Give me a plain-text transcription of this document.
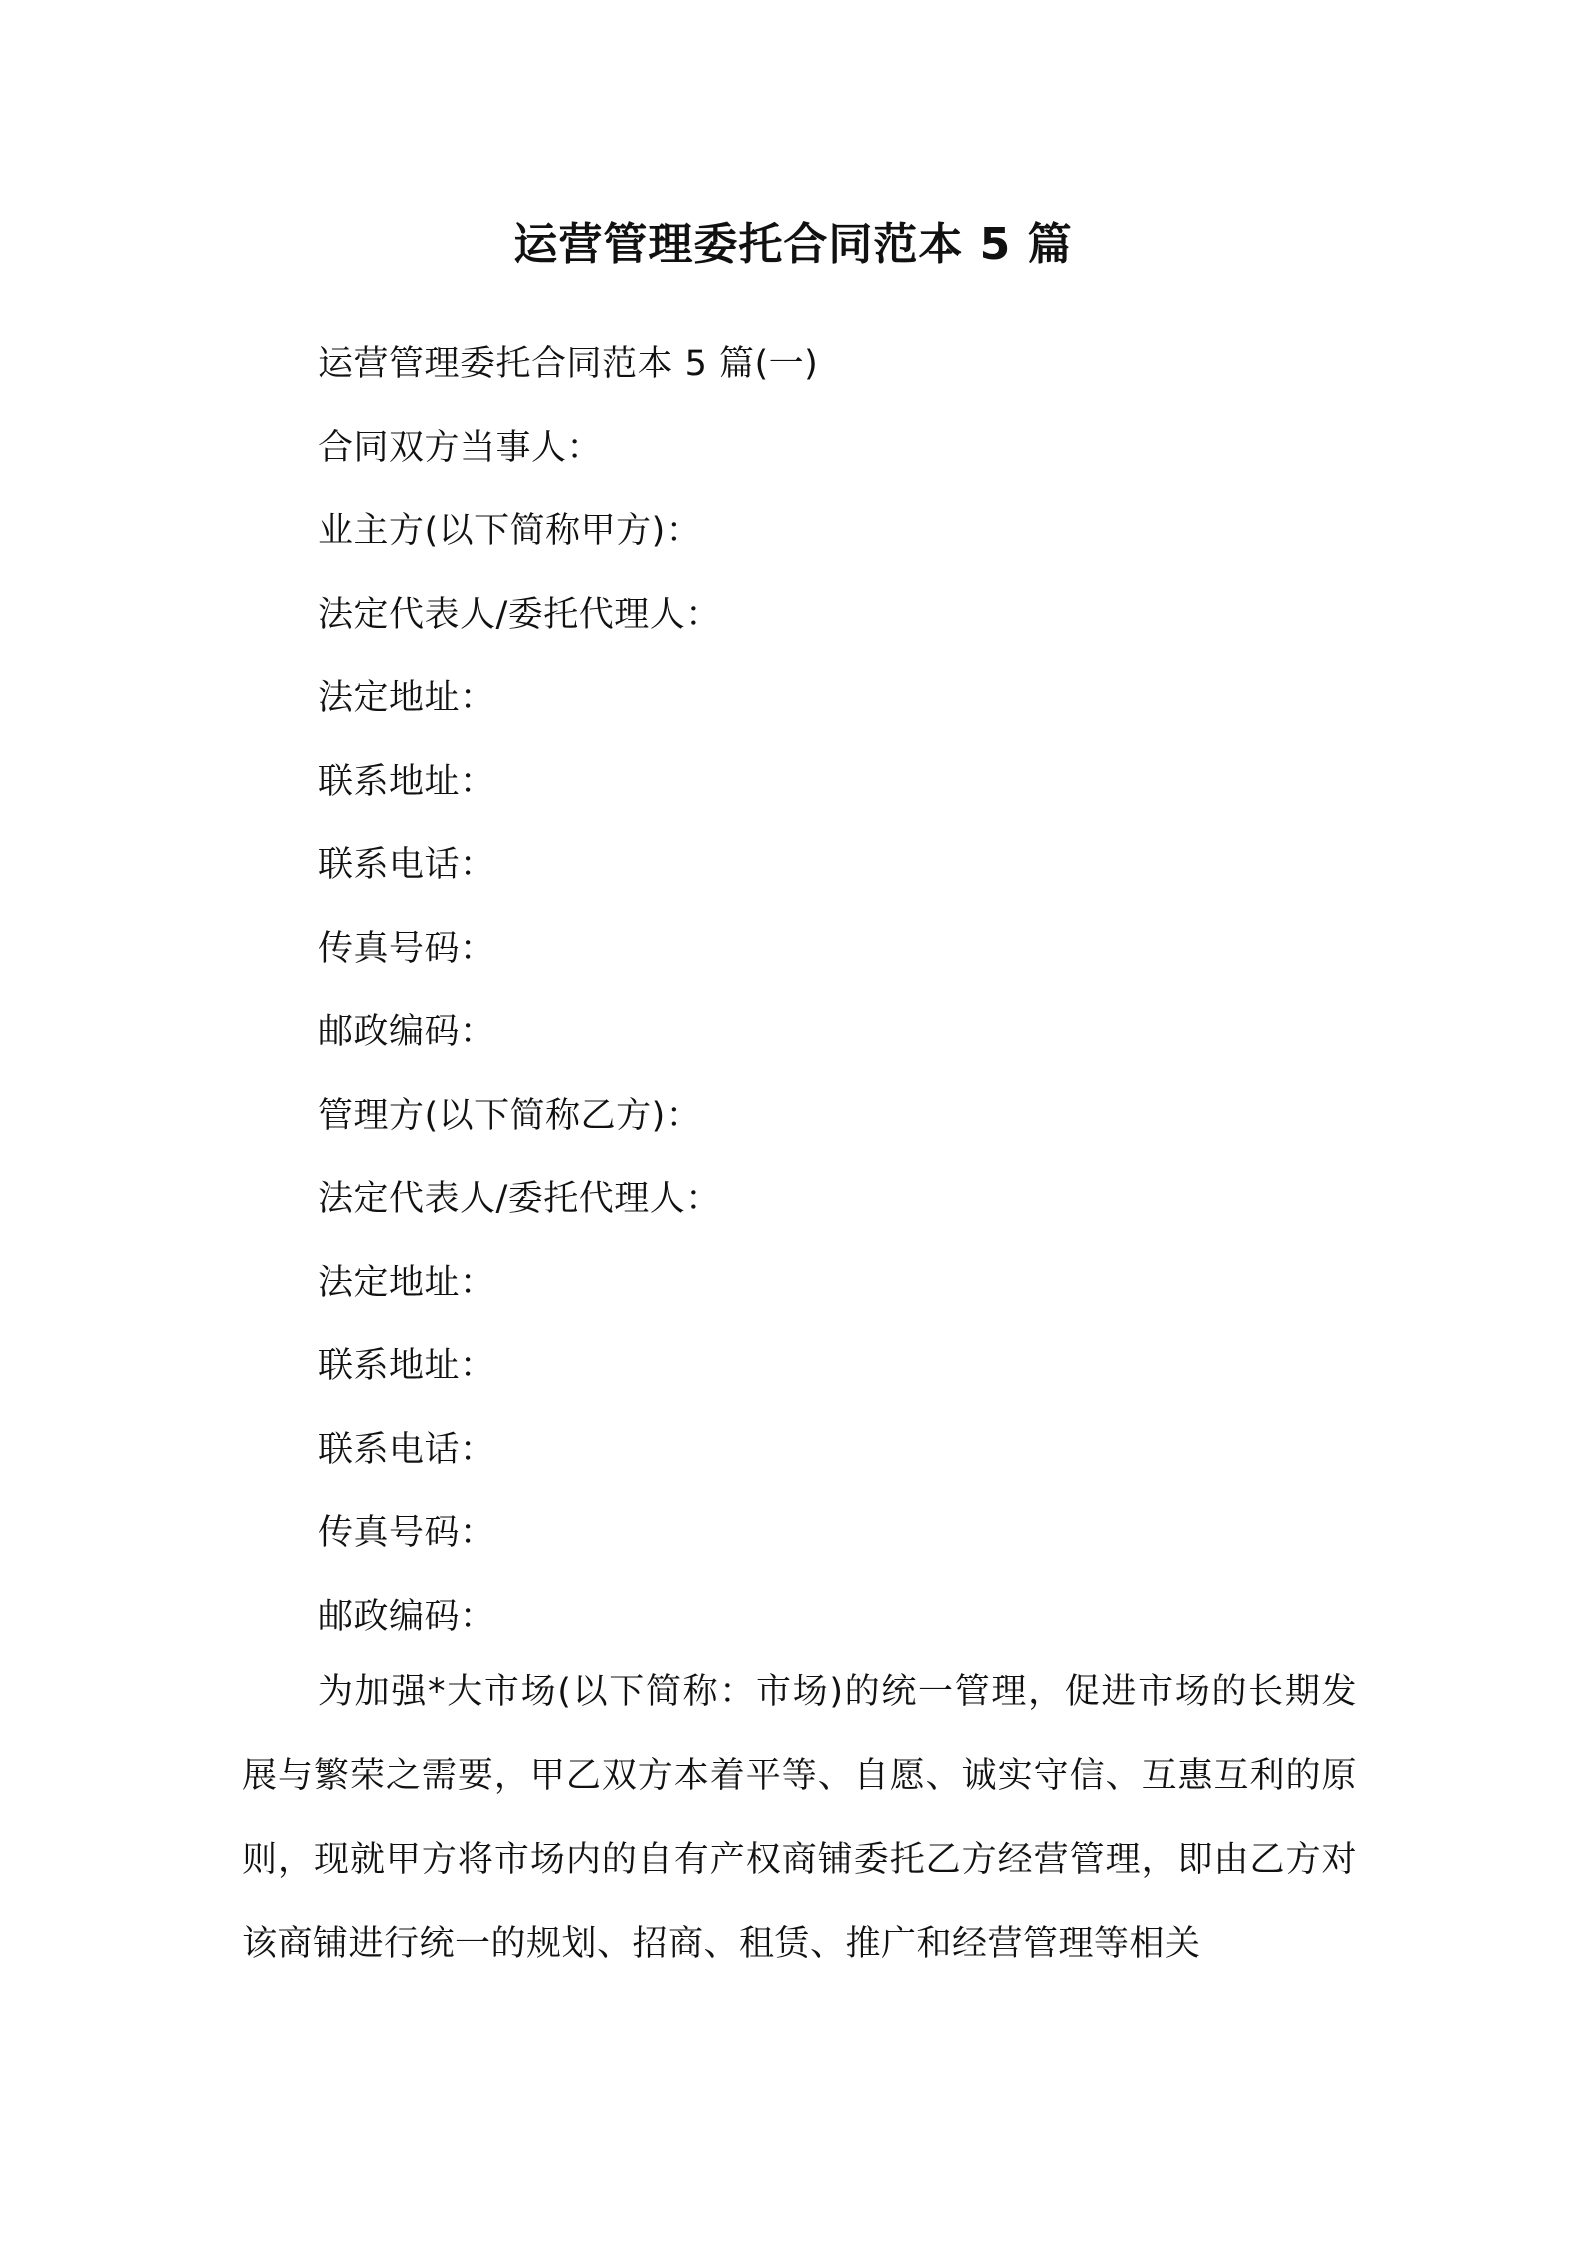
运营管理委托合同范本 5 篇
运营管理委托合同范本 5 篇(一)
合同双方当事人：
业主方(以下简称甲方)：
法定代表人/委托代理人：
法定地址：
联系地址：
联系电话：
传真号码：
邮政编码：
管理方(以下简称乙方)：
法定代表人/委托代理人：
法定地址：
联系地址：
联系电话：
传真号码：
邮政编码：

为加强*大市场(以下简称：市场)的统一管理，促进市场的长期发展与繁荣之需要，甲乙双方本着平等、自愿、诚实守信、互惠互利的原则，现就甲方将市场内的自有产权商铺委托乙方经营管理，即由乙方对该商铺进行统一的规划、招商、租赁、推广和经营管理等相关
